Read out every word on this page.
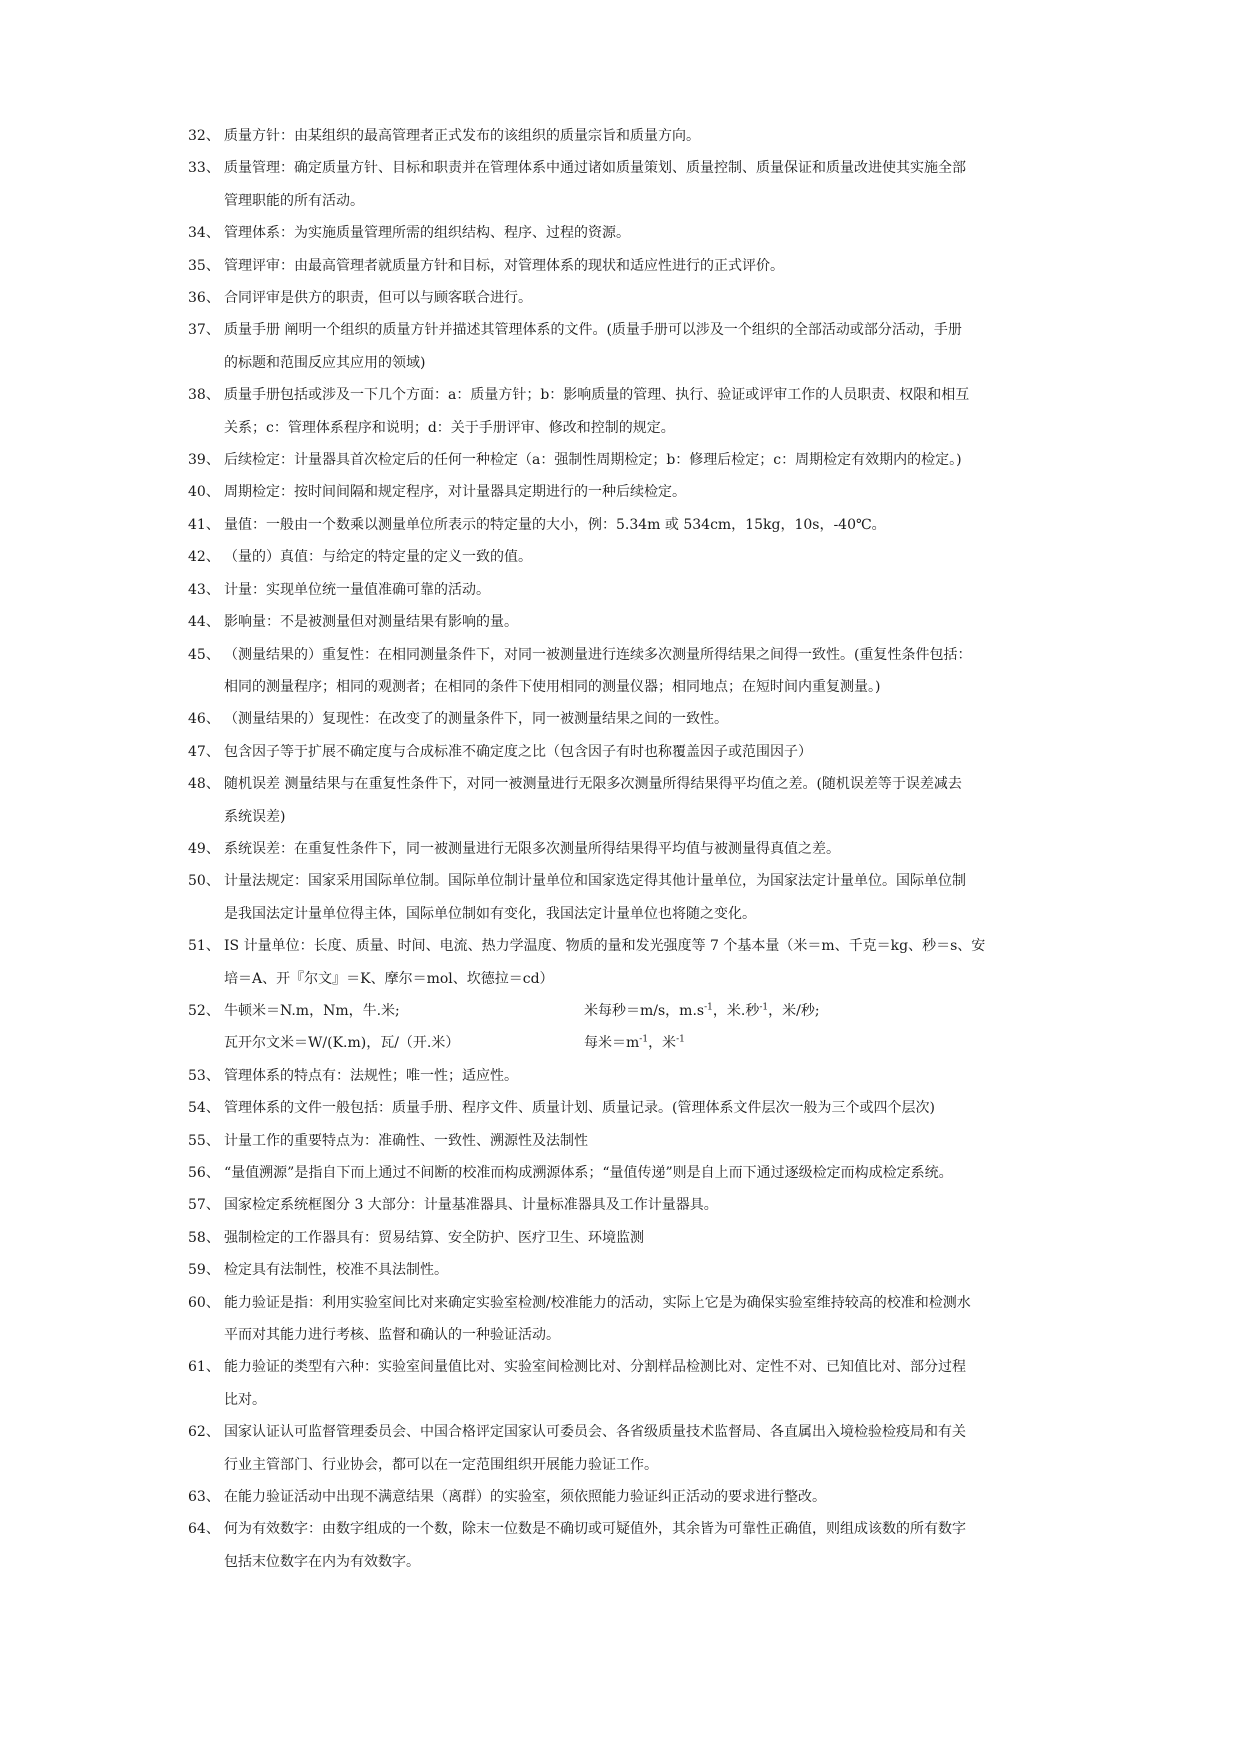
32、 质量方针：由某组织的最高管理者正式发布的该组织的质量宗旨和质量方向。
33、 质量管理：确定质量方针、目标和职责并在管理体系中通过诸如质量策划、质量控制、质量保证和质量改进使其实施全部
管理职能的所有活动。
34、 管理体系：为实施质量管理所需的组织结构、程序、过程的资源。
35、 管理评审：由最高管理者就质量方针和目标，对管理体系的现状和适应性进行的正式评价。
36、 合同评审是供方的职责，但可以与顾客联合进行。
37、 质量手册 阐明一个组织的质量方针并描述其管理体系的文件。(质量手册可以涉及一个组织的全部活动或部分活动，手册
的标题和范围反应其应用的领域)
38、 质量手册包括或涉及一下几个方面：a：质量方针；b：影响质量的管理、执行、验证或评审工作的人员职责、权限和相互
关系；c：管理体系程序和说明；d：关于手册评审、修改和控制的规定。
39、 后续检定：计量器具首次检定后的任何一种检定（a：强制性周期检定；b：修理后检定；c：周期检定有效期内的检定。)
40、 周期检定：按时间间隔和规定程序，对计量器具定期进行的一种后续检定。
41、 量值：一般由一个数乘以测量单位所表示的特定量的大小，例：5.34m 或 534cm，15kg，10s，-40℃。
42、 （量的）真值：与给定的特定量的定义一致的值。
43、 计量：实现单位统一量值准确可靠的活动。
44、 影响量：不是被测量但对测量结果有影响的量。
45、 （测量结果的）重复性：在相同测量条件下，对同一被测量进行连续多次测量所得结果之间得一致性。(重复性条件包括：
相同的测量程序；相同的观测者；在相同的条件下使用相同的测量仪器；相同地点；在短时间内重复测量。)
46、 （测量结果的）复现性：在改变了的测量条件下，同一被测量结果之间的一致性。
47、 包含因子等于扩展不确定度与合成标准不确定度之比（包含因子有时也称覆盖因子或范围因子）
48、 随机误差 测量结果与在重复性条件下，对同一被测量进行无限多次测量所得结果得平均值之差。(随机误差等于误差减去
系统误差)
49、 系统误差：在重复性条件下，同一被测量进行无限多次测量所得结果得平均值与被测量得真值之差。
50、 计量法规定：国家采用国际单位制。国际单位制计量单位和国家选定得其他计量单位，为国家法定计量单位。国际单位制
是我国法定计量单位得主体，国际单位制如有变化，我国法定计量单位也将随之变化。
51、 IS 计量单位：长度、质量、时间、电流、热力学温度、物质的量和发光强度等 7 个基本量（米＝m、千克＝kg、秒＝s、安
培＝A、开『尔文』＝K、摩尔＝mol、坎德拉＝cd）
52、 牛顿米＝N.m，Nm，牛.米;	米每秒＝m/s，$m.s^{-1}$，米.秒$^{-1}$，米/秒;
瓦开尔文米＝W/(K.m)，瓦/（开.米）	每米$=m^{-1}$，米$^{-1}$
53、 管理体系的特点有：法规性；唯一性；适应性。
54、 管理体系的文件一般包括：质量手册、程序文件、质量计划、质量记录。(管理体系文件层次一般为三个或四个层次)
55、 计量工作的重要特点为：准确性、一致性、溯源性及法制性
56、 “量值溯源”是指自下而上通过不间断的校准而构成溯源体系；“量值传递”则是自上而下通过逐级检定而构成检定系统。
57、 国家检定系统框图分 3 大部分：计量基准器具、计量标准器具及工作计量器具。
58、 强制检定的工作器具有：贸易结算、安全防护、医疗卫生、环境监测
59、 检定具有法制性，校准不具法制性。
60、 能力验证是指：利用实验室间比对来确定实验室检测/校准能力的活动，实际上它是为确保实验室维持较高的校准和检测水
平而对其能力进行考核、监督和确认的一种验证活动。
61、 能力验证的类型有六种：实验室间量值比对、实验室间检测比对、分割样品检测比对、定性不对、已知值比对、部分过程
比对。
62、 国家认证认可监督管理委员会、中国合格评定国家认可委员会、各省级质量技术监督局、各直属出入境检验检疫局和有关
行业主管部门、行业协会，都可以在一定范围组织开展能力验证工作。
63、 在能力验证活动中出现不满意结果（离群）的实验室，须依照能力验证纠正活动的要求进行整改。
64、 何为有效数字：由数字组成的一个数，除末一位数是不确切或可疑值外，其余皆为可靠性正确值，则组成该数的所有数字
包括末位数字在内为有效数字。
